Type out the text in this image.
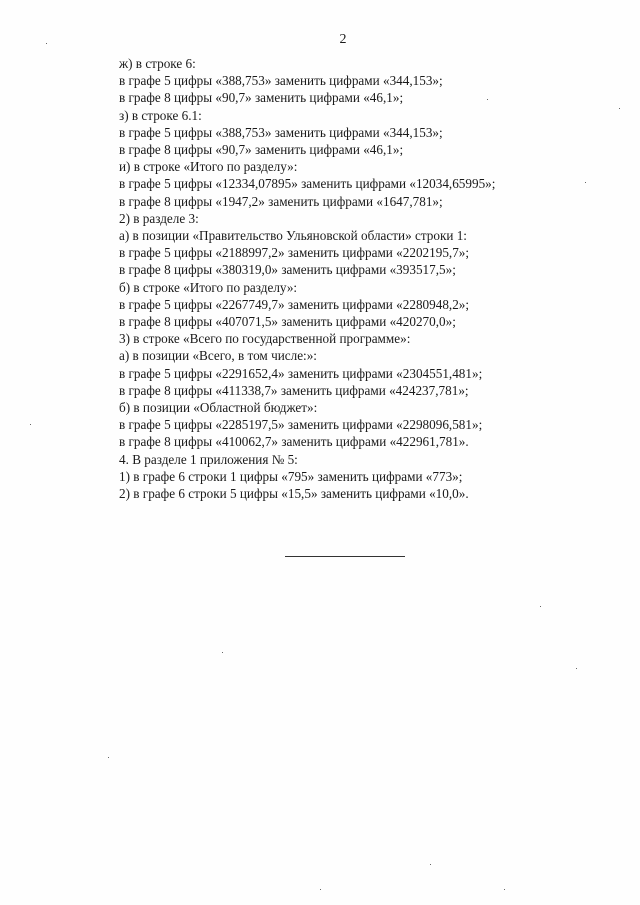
2
ж) в строке 6:
в графе 5 цифры «388,753» заменить цифрами «344,153»;
в графе 8 цифры «90,7» заменить цифрами «46,1»;
з) в строке 6.1:
в графе 5 цифры «388,753» заменить цифрами «344,153»;
в графе 8 цифры «90,7» заменить цифрами «46,1»;
и) в строке «Итого по разделу»:
в графе 5 цифры «12334,07895» заменить цифрами «12034,65995»;
в графе 8 цифры «1947,2» заменить цифрами «1647,781»;
2) в разделе 3:
а) в позиции «Правительство Ульяновской области» строки 1:
в графе 5 цифры «2188997,2» заменить цифрами «2202195,7»;
в графе 8 цифры «380319,0» заменить цифрами «393517,5»;
б) в строке «Итого по разделу»:
в графе 5 цифры «2267749,7» заменить цифрами «2280948,2»;
в графе 8 цифры «407071,5» заменить цифрами «420270,0»;
3) в строке «Всего по государственной программе»:
а) в позиции «Всего, в том числе:»:
в графе 5 цифры «2291652,4» заменить цифрами «2304551,481»;
в графе 8 цифры «411338,7» заменить цифрами «424237,781»;
б) в позиции «Областной бюджет»:
в графе 5 цифры «2285197,5» заменить цифрами «2298096,581»;
в графе 8 цифры «410062,7» заменить цифрами «422961,781».
4. В разделе 1 приложения № 5:
1) в графе 6 строки 1 цифры «795» заменить цифрами «773»;
2) в графе 6 строки 5 цифры «15,5» заменить цифрами «10,0».
